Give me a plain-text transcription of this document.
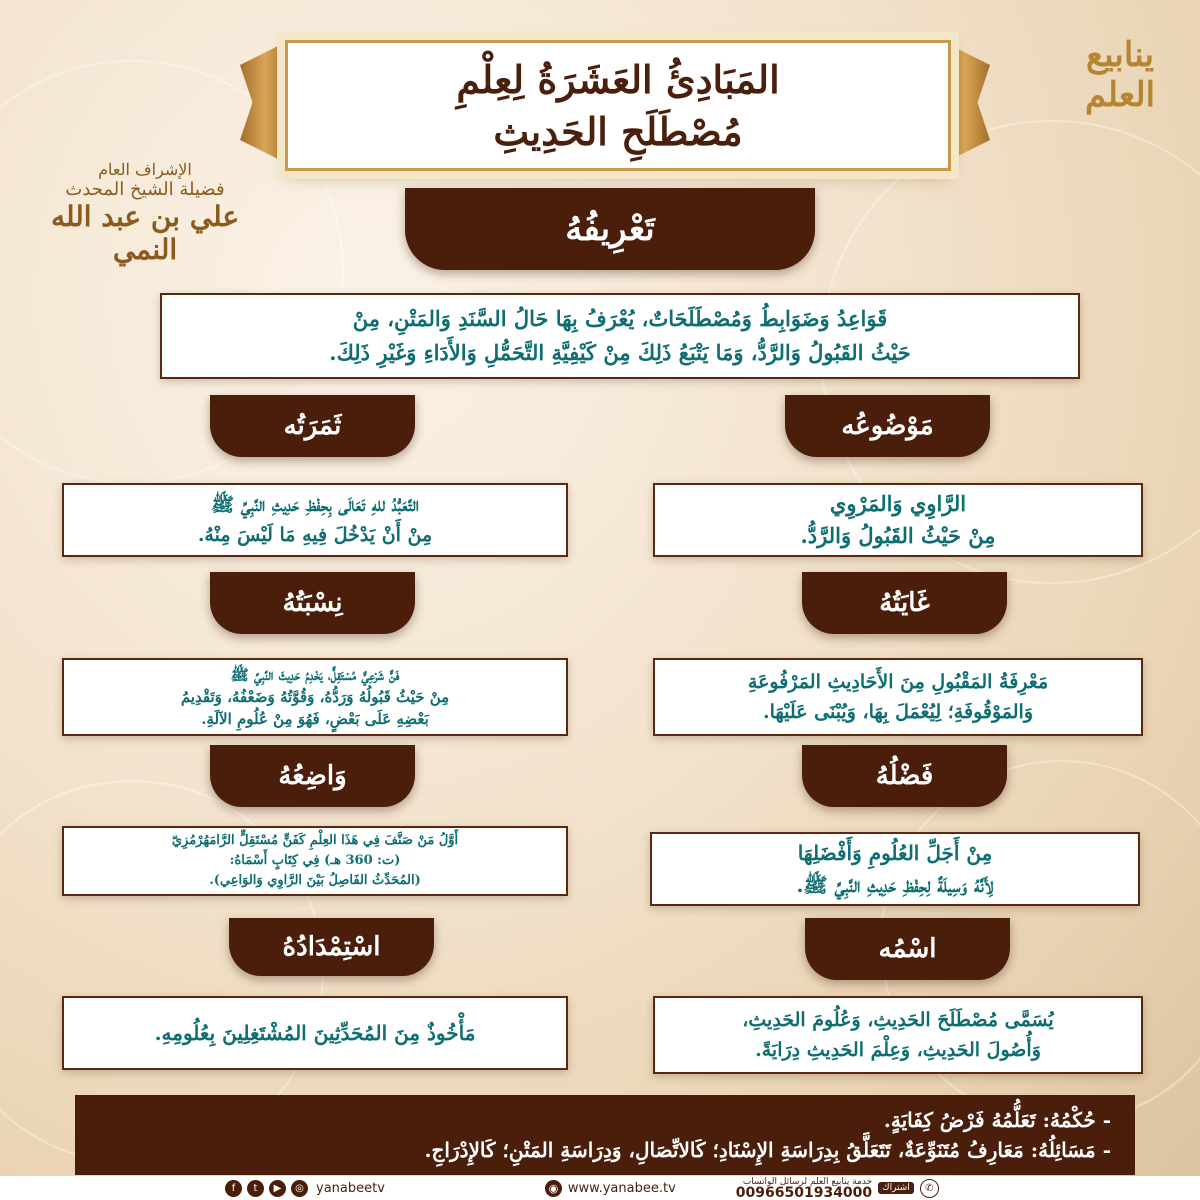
ينابيع العلم
الإشراف العام
فضيلة الشيخ المحدث
علي بن عبد الله النمي
المَبَادِئُ العَشَرَةُ لِعِلْمِ
مُصْطَلَحِ الحَدِيثِ
تَعْرِيفُهُ
قَوَاعِدُ وَضَوَابِطُ وَمُصْطَلَحَاتٌ، يُعْرَفُ بِهَا حَالُ السَّنَدِ وَالمَتْنِ، مِنْ
حَيْثُ القَبُولُ وَالرَّدُّ، وَمَا يَتْبَعُ ذَلِكَ مِنْ كَيْفِيَّةِ التَّحَمُّلِ وَالأَدَاءِ وَغَيْرِ ذَلِكَ.
ثَمَرَتُه	مَوْضُوعُه
التَّعَبُّدُ للهِ تَعَالَى بِحِفْظِ حَدِيثِ النَّبِيِّ ﷺ
مِنْ أَنْ يَدْخُلَ فِيهِ مَا لَيْسَ مِنْهُ.
الرَّاوِي وَالمَرْوِي
مِنْ حَيْثُ القَبُولُ وَالرَّدُّ.
نِسْبَتُهُ	غَايَتُهُ
فَنٌّ شَرْعِيٌّ مُسْتَقِلٌّ، يَخْدِمُ حَدِيثَ النَّبِيِّ ﷺ
مِنْ حَيْثُ قَبُولُهُ وَرَدُّهُ، وَقُوَّتُهُ وَضَعْفُهُ، وَتَقْدِيمُ
بَعْضِهِ عَلَى بَعْضٍ، فَهُوَ مِنْ عُلُومِ الآلَةِ.
مَعْرِفَةُ المَقْبُولِ مِنَ الأَحَادِيثِ المَرْفُوعَةِ
وَالمَوْقُوفَةِ؛ لِيُعْمَلَ بِهَا، وَيُبْنَى عَلَيْهَا.
وَاضِعُهُ	فَضْلُهُ
أَوَّلُ مَنْ صَنَّفَ فِي هَذَا العِلْمِ كَفَنٍّ مُسْتَقِلٍّ الرَّامَهُرْمُزِيّ
(ت: 360 هـ) فِي كِتَابٍ أَسْمَاهُ:
(المُحَدِّثُ الفَاصِلُ بَيْنَ الرَّاوِي وَالوَاعِي).
مِنْ أَجَلِّ العُلُومِ وَأَفْضَلِهَا
لِأَنَّهُ وَسِيلَةٌ لِحِفْظِ حَدِيثِ النَّبِيِّ ﷺ.
اسْتِمْدَادُهُ	اسْمُه
مَأْخُوذٌ مِنَ المُحَدِّثِينَ المُشْتَغِلِينَ بِعُلُومِهِ.
يُسَمَّى مُصْطَلَحَ الحَدِيثِ، وَعُلُومَ الحَدِيثِ،
وَأُصُولَ الحَدِيثِ، وَعِلْمَ الحَدِيثِ دِرَايَةً.
- حُكْمُهُ: تَعَلُّمُهُ فَرْضُ كِفَايَةٍ.
- مَسَائِلُهُ: مَعَارِفُ مُتَنَوِّعَةٌ، تَتَعَلَّقُ بِدِرَاسَةِ الإِسْنَادِ؛ كَالاتِّصَالِ، وَدِرَاسَةِ المَتْنِ؛ كَالإِدْرَاجِ.
f	t	▶	◎ yanabeetv	◉ www.yanabee.tv	✆
اشتراك
خدمة ينابيع العلم لرسائل الواتساب
00966501934000
